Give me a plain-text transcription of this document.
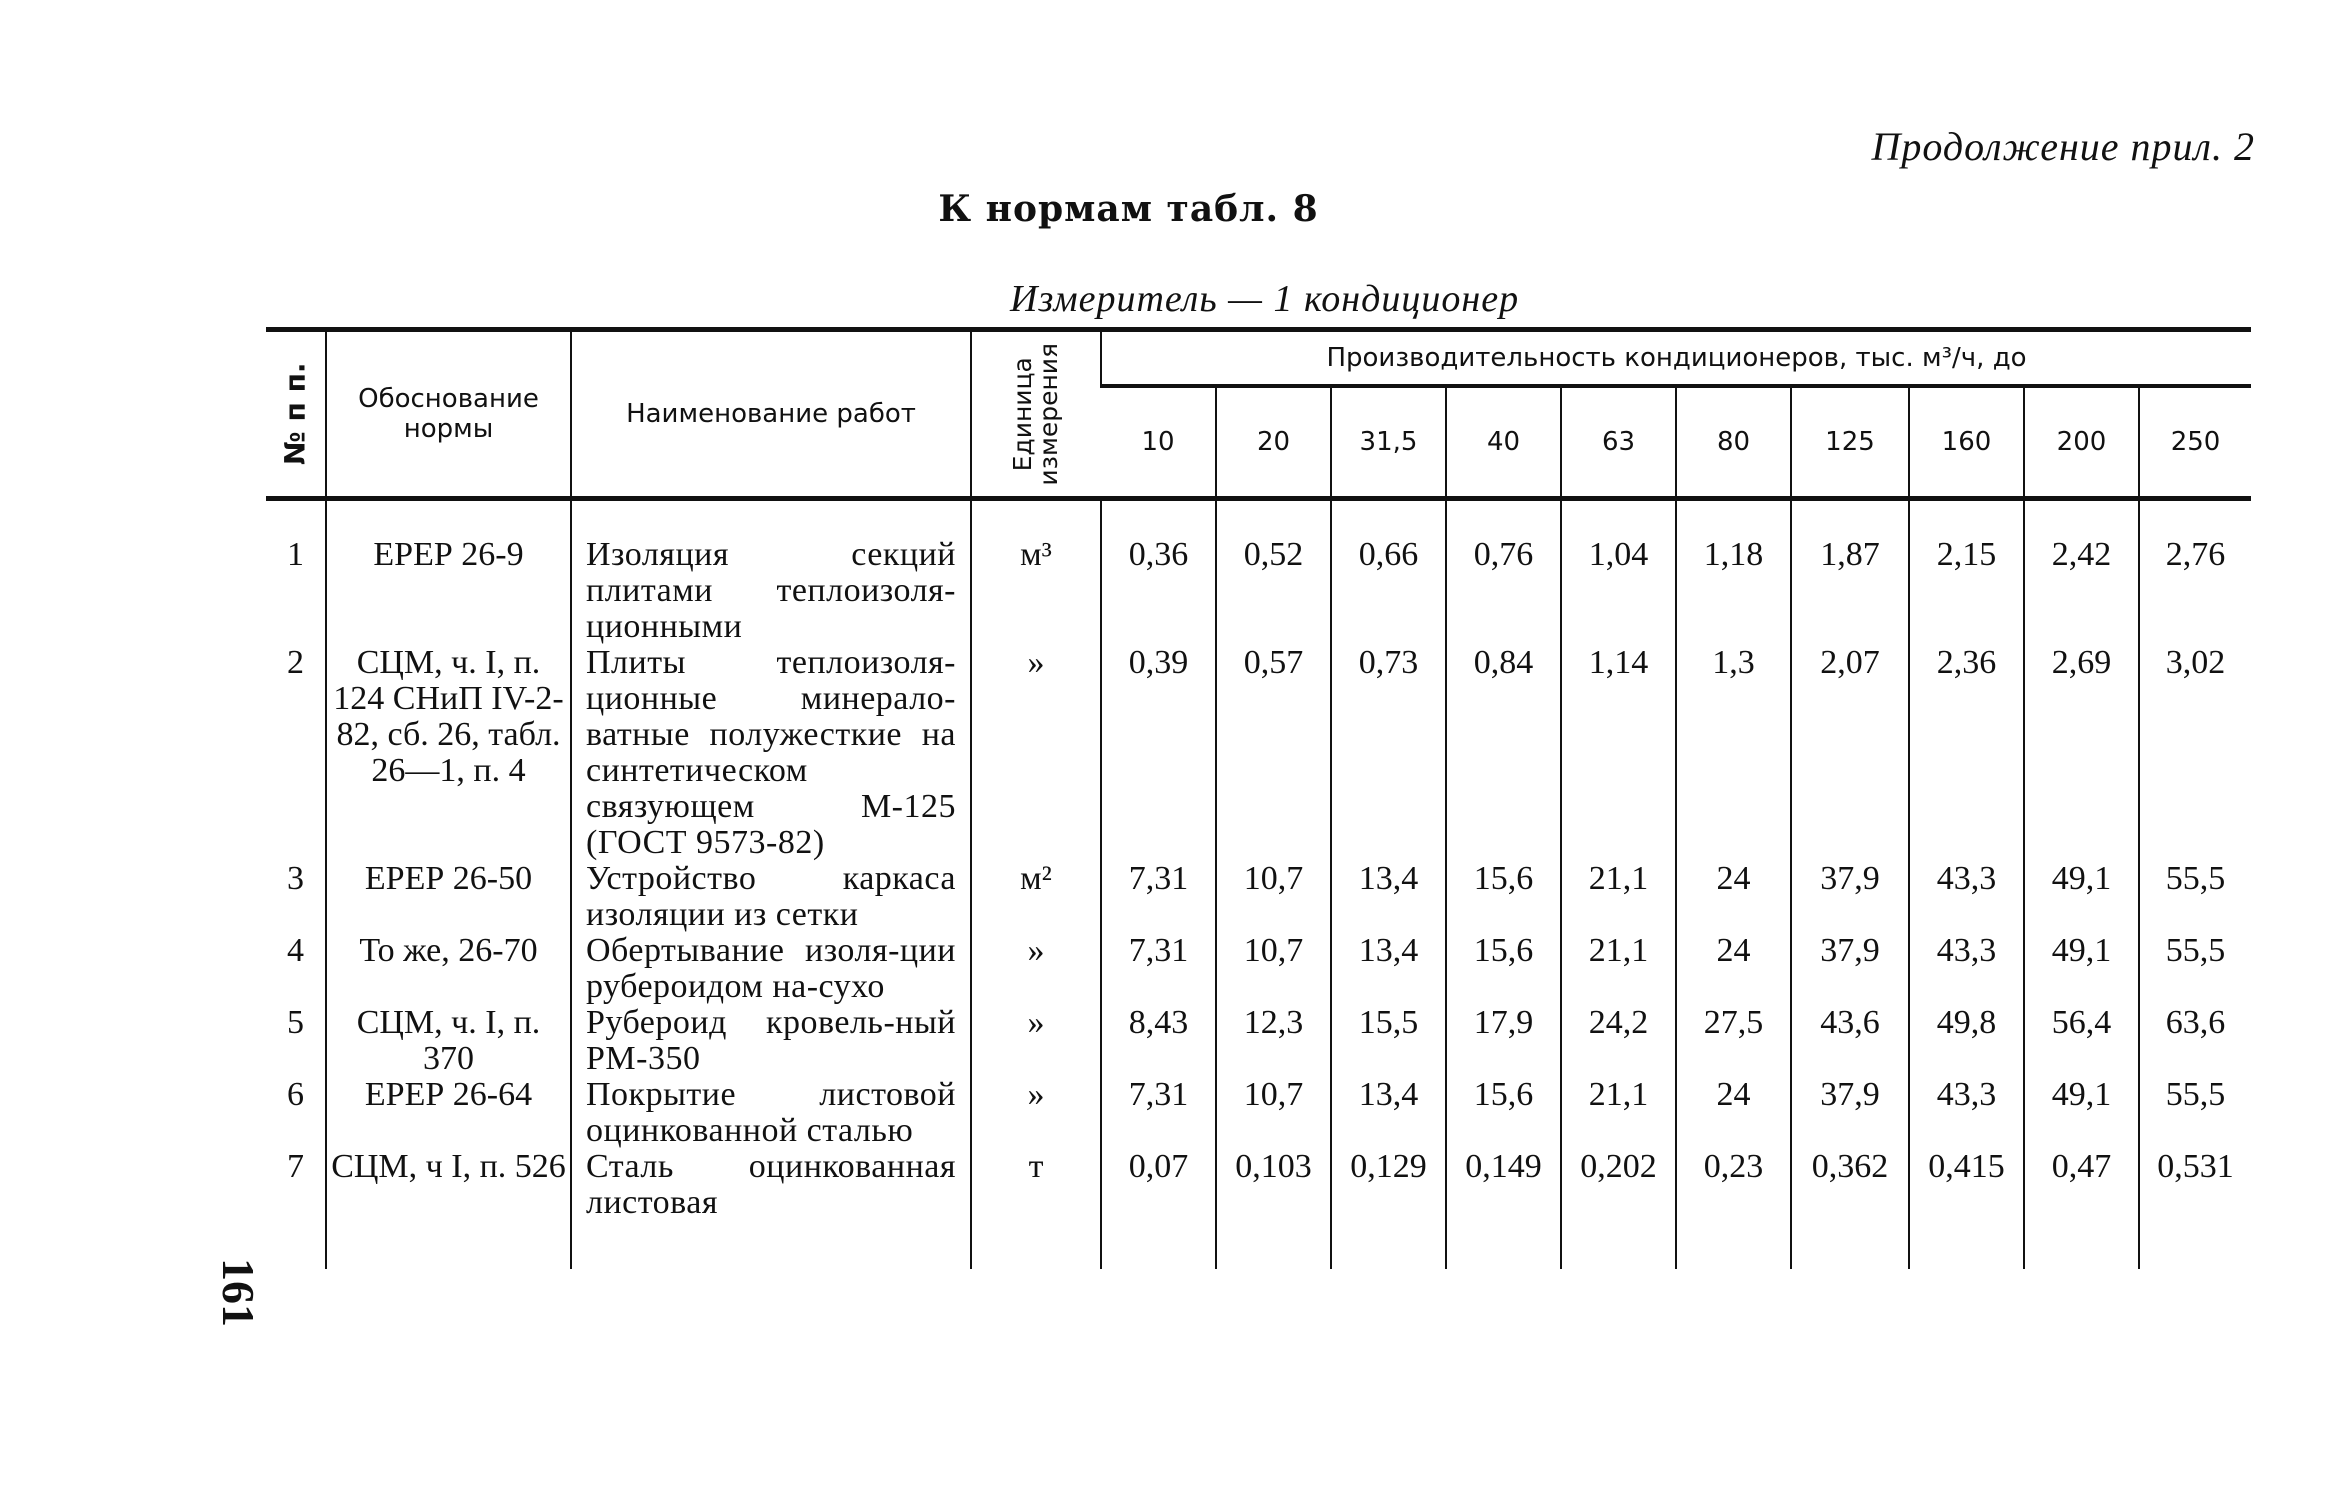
Продолжение прил. 2
К нормам табл. 8
Измеритель — 1 кондиционер
161
№ п п.	Обоснование нормы	Наименование работ	Единица измерения	Производительность кондиционеров, тыс. м³/ч, до									
				10	20	31,5	40	63	80	125	160	200	250
1	ЕРЕР 26-9	Изоляция секций плитами теплоизоля-ционными	м³	0,36	0,52	0,66	0,76	1,04	1,18	1,87	2,15	2,42	2,76
2	СЦМ, ч. I, п. 124 СНиП IV-2-82, сб. 26, табл. 26—1, п. 4	Плиты теплоизоля-ционные минерало-ватные полужесткие на синтетическом связующем М-125 (ГОСТ 9573-82)	»	0,39	0,57	0,73	0,84	1,14	1,3	2,07	2,36	2,69	3,02
3	ЕРЕР 26-50	Устройство каркаса изоляции из сетки	м²	7,31	10,7	13,4	15,6	21,1	24	37,9	43,3	49,1	55,5
4	То же, 26-70	Обертывание изоля-ции рубероидом на-сухо	»	7,31	10,7	13,4	15,6	21,1	24	37,9	43,3	49,1	55,5
5	СЦМ, ч. I, п. 370	Рубероид кровель-ный РМ-350	»	8,43	12,3	15,5	17,9	24,2	27,5	43,6	49,8	56,4	63,6
6	ЕРЕР 26-64	Покрытие листовой оцинкованной сталью	»	7,31	10,7	13,4	15,6	21,1	24	37,9	43,3	49,1	55,5
7	СЦМ, ч I, п. 526	Сталь оцинкованная листовая	т	0,07	0,103	0,129	0,149	0,202	0,23	0,362	0,415	0,47	0,531
